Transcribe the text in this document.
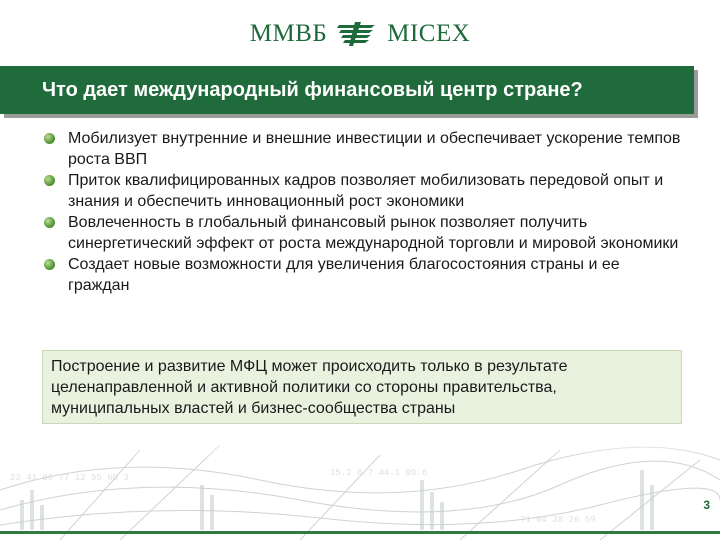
ММВБ MICEX
Что дает международный финансовый центр стране?
Мобилизует внутренние и внешние инвестиции и обеспечивает ускорение темпов роста ВВП
Приток квалифицированных кадров позволяет мобилизовать передовой опыт и знания и обеспечить инновационный рост экономики
Вовлеченность в глобальный финансовый рынок позволяет получить синергетический эффект от роста международной торговли и мировой экономики
Создает новые возможности для увеличения благосостояния страны и ее граждан
Построение и развитие МФЦ может происходить только в результате целенаправленной и активной политики со стороны правительства, муниципальных властей и бизнес-сообщества страны
23 41 08 77 12 95 60 3	15.2 8.7 44.1 09.6
71 04 38 26 59
3
